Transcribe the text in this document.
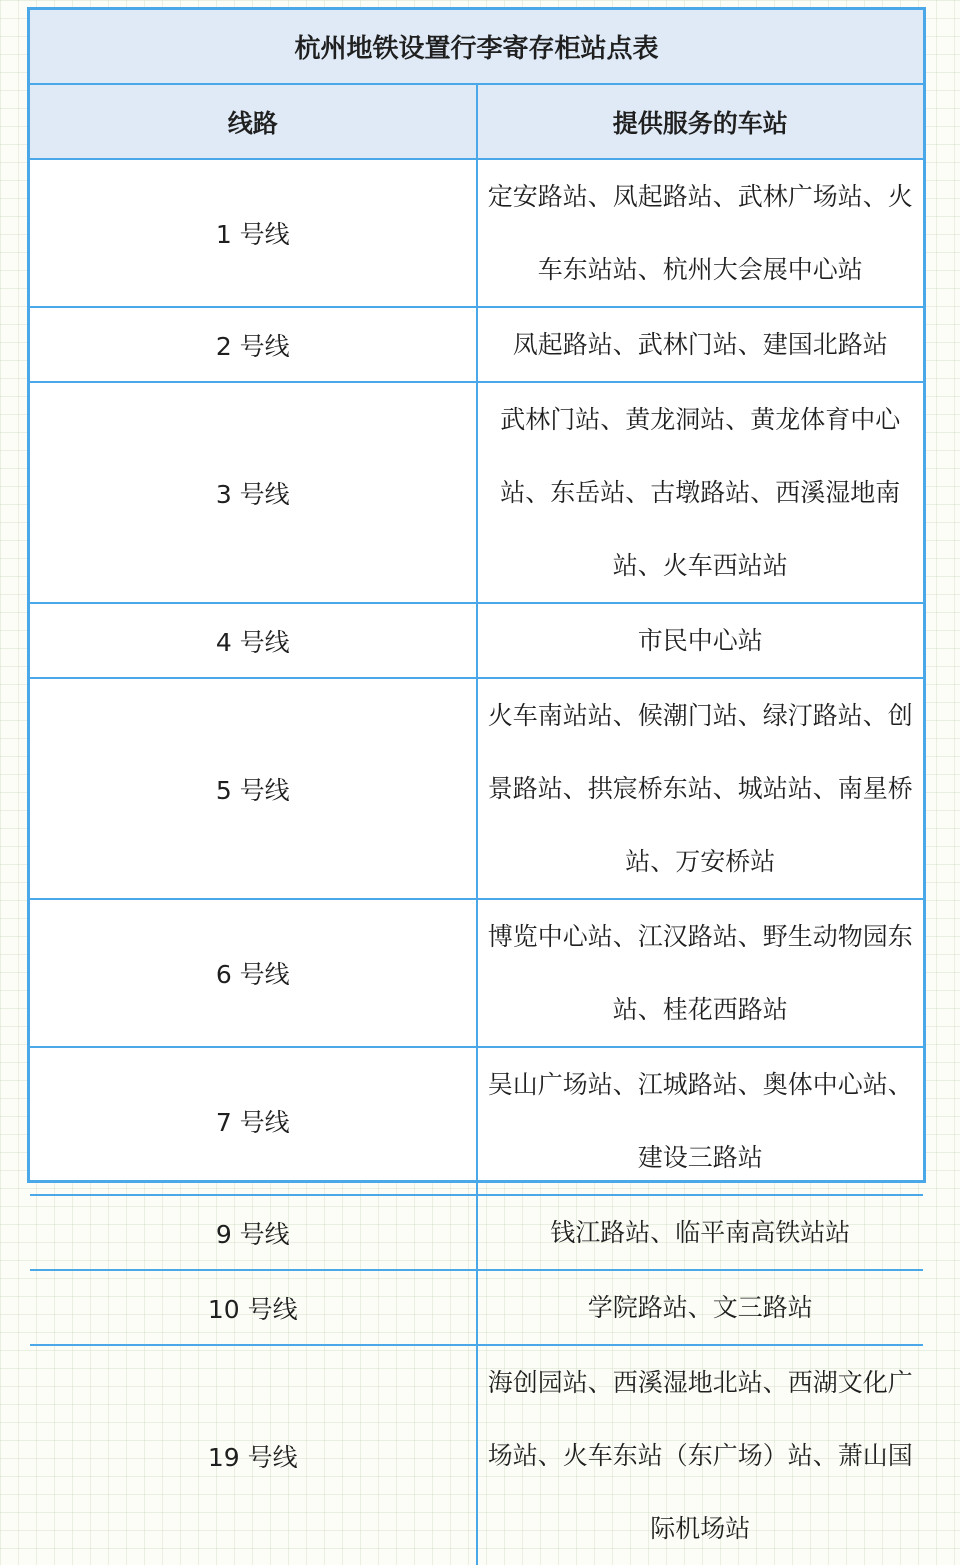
杭州地铁设置行李寄存柜站点表	
线路	提供服务的车站
1 号线	定安路站、凤起路站、武林广场站、火车东站站、杭州大会展中心站
2 号线	凤起路站、武林门站、建国北路站
3 号线	武林门站、黄龙洞站、黄龙体育中心站、东岳站、古墩路站、西溪湿地南站、火车西站站
4 号线	市民中心站
5 号线	火车南站站、候潮门站、绿汀路站、创景路站、拱宸桥东站、城站站、南星桥站、万安桥站
6 号线	博览中心站、江汉路站、野生动物园东站、桂花西路站
7 号线	吴山广场站、江城路站、奥体中心站、建设三路站
9 号线	钱江路站、临平南高铁站站
10 号线	学院路站、文三路站
19 号线	海创园站、西溪湿地北站、西湖文化广场站、火车东站（东广场）站、萧山国际机场站
